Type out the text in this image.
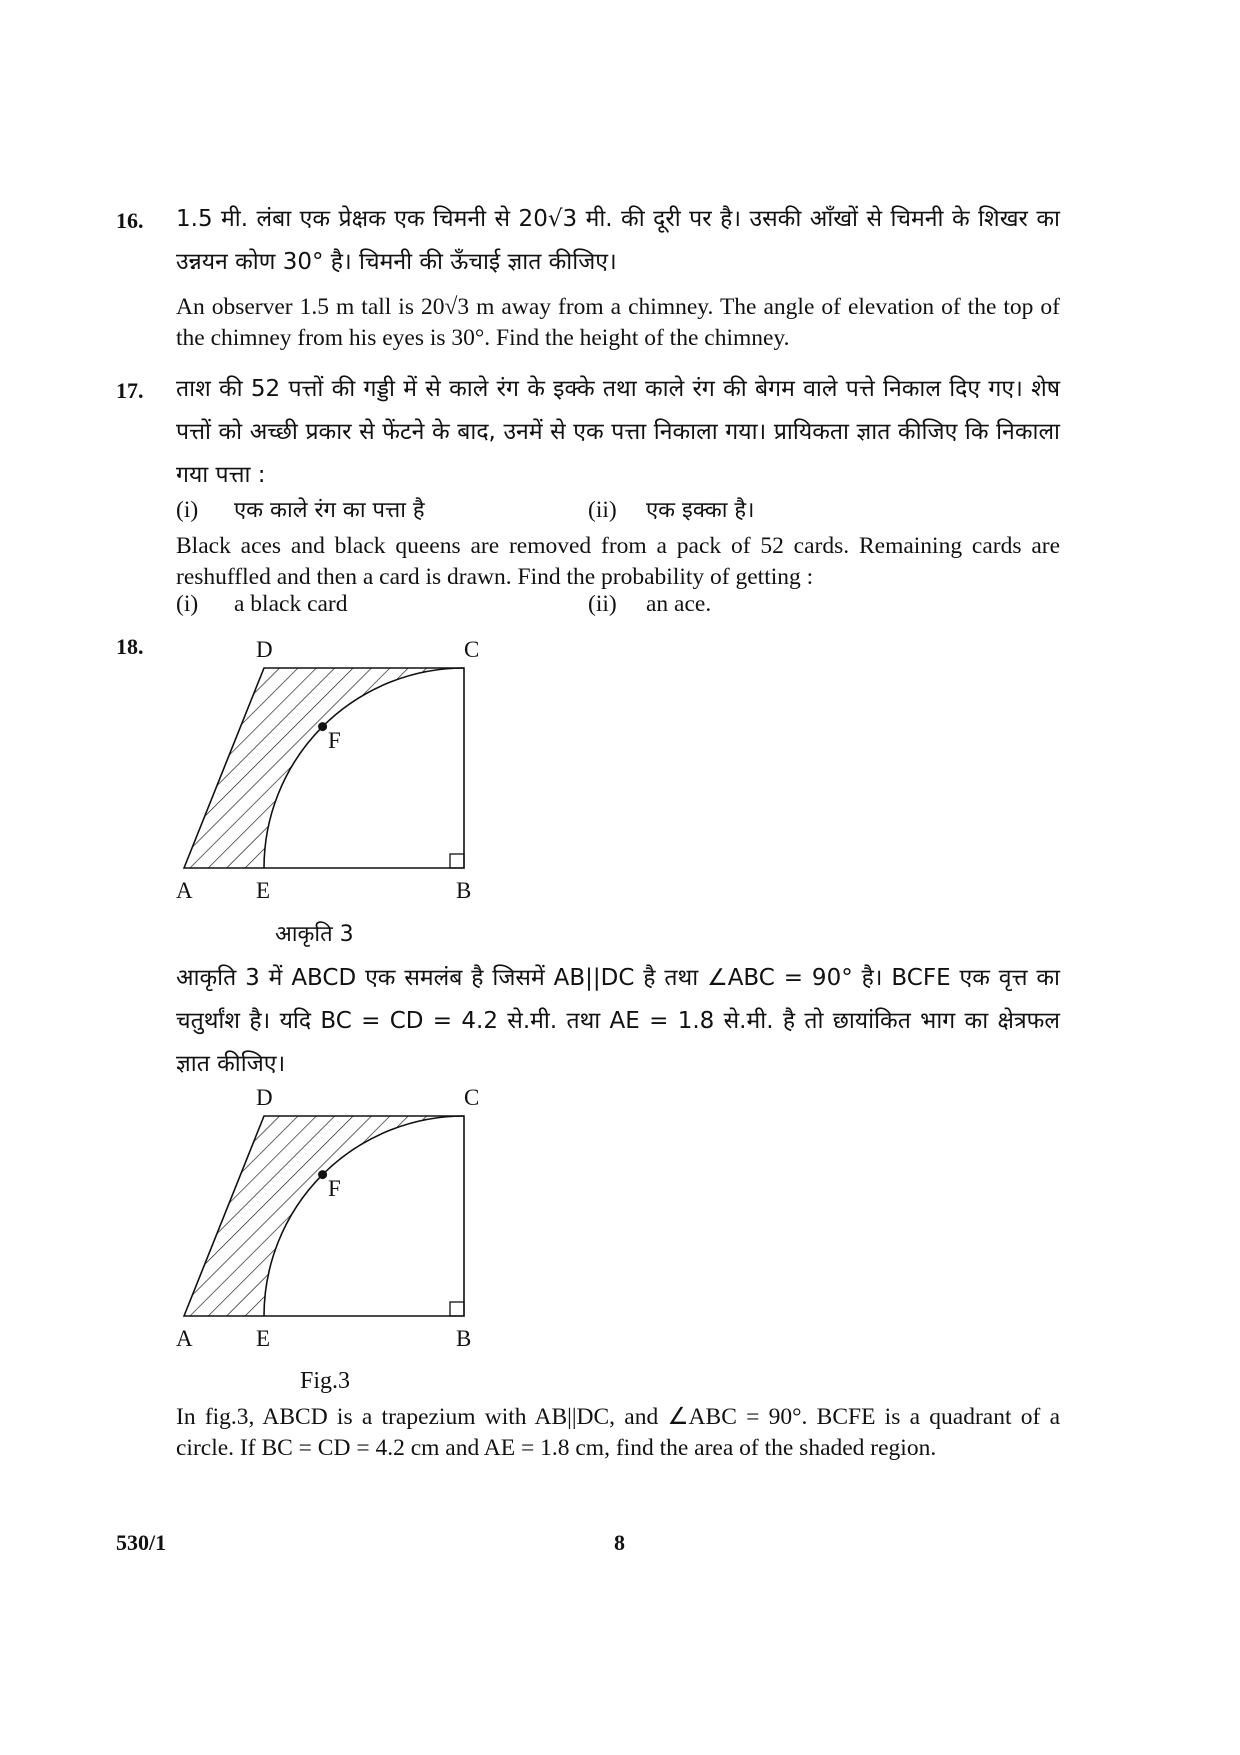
16. 1.5 मी. लंबा एक प्रेक्षक एक चिमनी से 20√3 मी. की दूरी पर है। उसकी आँखों से चिमनी के शिखर का उन्नयन कोण 30° है। चिमनी की ऊँचाई ज्ञात कीजिए।
An observer 1.5 m tall is 20√3 m away from a chimney. The angle of elevation of the top of the chimney from his eyes is 30°. Find the height of the chimney.
17. ताश की 52 पत्तों की गड्डी में से काले रंग के इक्के तथा काले रंग की बेगम वाले पत्ते निकाल दिए गए। शेष पत्तों को अच्छी प्रकार से फेंटने के बाद, उनमें से एक पत्ता निकाला गया। प्रायिकता ज्ञात कीजिए कि निकाला गया पत्ता :
(i) एक काले रंग का पत्ता है	(ii) एक इक्का है।
Black aces and black queens are removed from a pack of 52 cards. Remaining cards are reshuffled and then a card is drawn. Find the probability of getting :
(i) a black card	(ii) an ace.
18.	D	C
F
A	E	B
आकृति 3
आकृति 3 में ABCD एक समलंब है जिसमें AB||DC है तथा ∠ABC = 90° है। BCFE एक वृत्त का चतुर्थांश है। यदि BC = CD = 4.2 से.मी. तथा AE = 1.8 से.मी. है तो छायांकित भाग का क्षेत्रफल ज्ञात कीजिए।
D	C
F
A	E	B
Fig.3
In fig.3, ABCD is a trapezium with AB||DC, and ∠ABC = 90°. BCFE is a quadrant of a circle. If BC = CD = 4.2 cm and AE = 1.8 cm, find the area of the shaded region.
530/1	8
